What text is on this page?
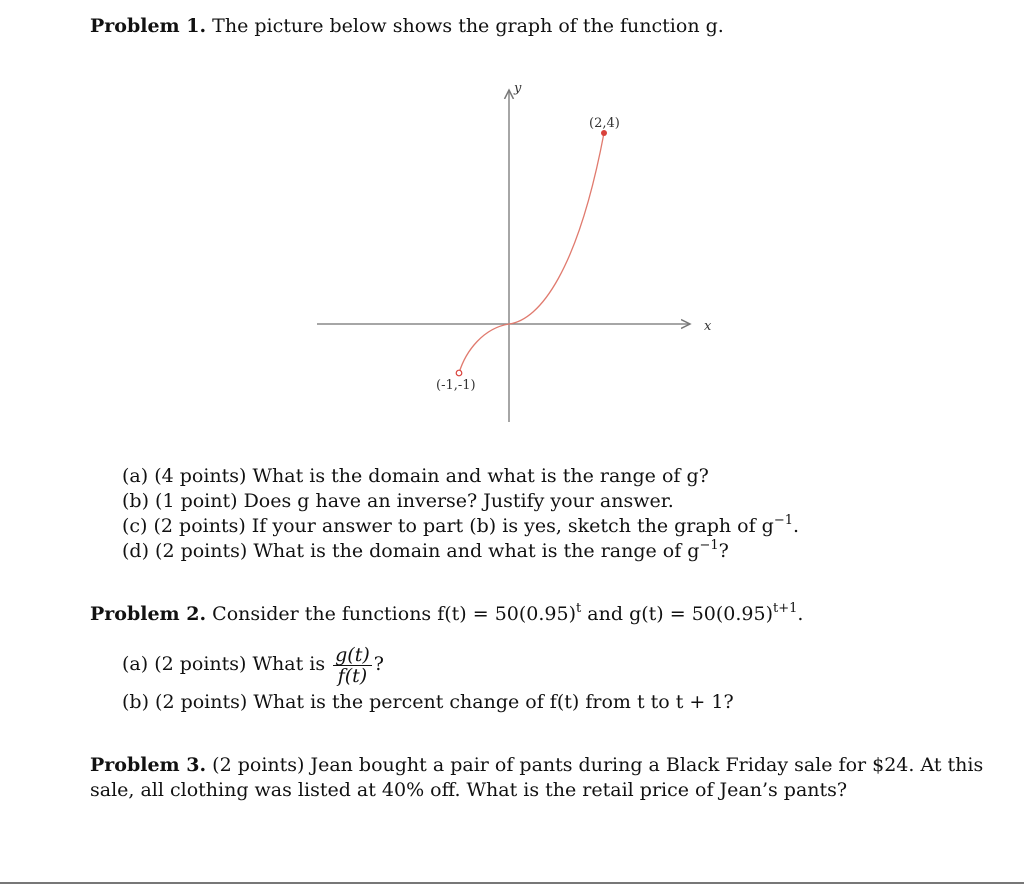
Problem 1. The picture below shows the graph of the function g.
x
y
(2,4)
(-1,-1)
(a) (4 points) What is the domain and what is the range of g?
(b) (1 point) Does g have an inverse? Justify your answer.
(c) (2 points) If your answer to part (b) is yes, sketch the graph of $g^{-1}$.
(d) (2 points) What is the domain and what is the range of $g^{-1}$?
Problem 2. Consider the functions $f(t) = 50(0.95)^t$ and $g(t) = 50(0.95)^{t+1}$.
(a) (2 points) What is $\frac{g(t)}{f(t)}$ ?
(b) (2 points) What is the percent change of f(t) from t to t + 1?
Problem 3. (2 points) Jean bought a pair of pants during a Black Friday sale for $24. At this
sale, all clothing was listed at 40% off. What is the retail price of Jean’s pants?
